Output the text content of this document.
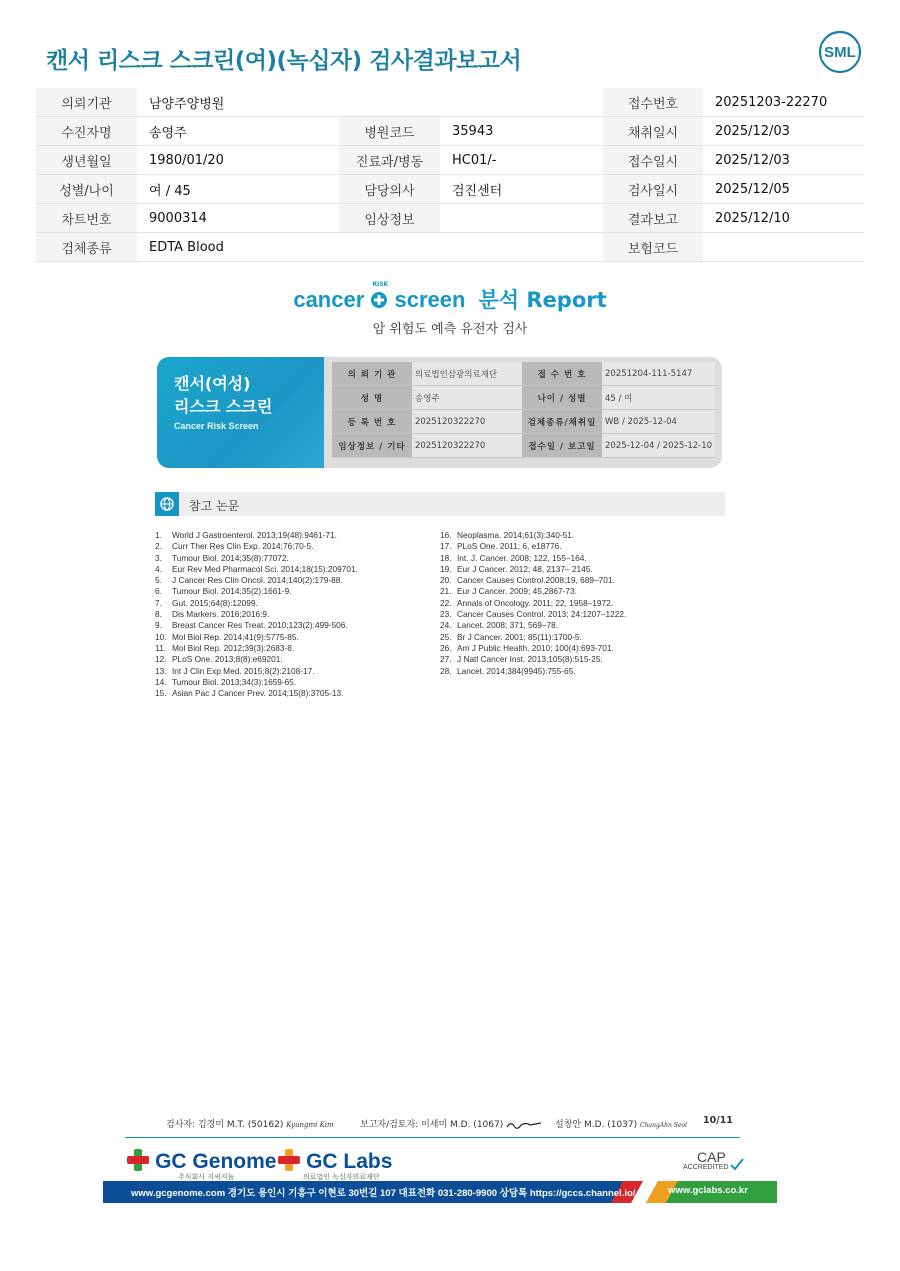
캔서 리스크 스크린(여)(녹십자) 검사결과보고서	SML
의뢰기관	남양주양병원			접수번호	20251203-22270
수진자명	송영주	병원코드	35943	채취일시	2025/12/03
생년월일	1980/01/20	진료과/병동	HC01/-	접수일시	2025/12/03
성별/나이	여 / 45	담당의사	검진센터	검사일시	2025/12/05
차트번호	9000314	임상정보		결과보고	2025/12/10
검체종류	EDTA Blood			보험코드	
cancer
RISK
screen 분석 Report
암 위험도 예측 유전자 검사
캔서(여성)
리스크 스크린
Cancer Risk Screen
의 뢰 기 관	의료법인삼광의료재단	접 수 번 호	20251204-111-5147
성 명	송영주	나이 / 성별	45 / 여
등 록 번 호	2025120322270	검체종류/채취일	WB / 2025-12-04
임상정보 / 기타	2025120322270	접수일 / 보고일	2025-12-04 / 2025-12-10
참고 논문
1. World J Gastroenterol. 2013;19(48):9461-71.
2. Curr Ther Res Clin Exp. 2014;76:70-5.
3. Tumour Biol. 2014;35(8):77072.
4. Eur Rev Med Pharmacol Sci. 2014;18(15):209701.
5. J Cancer Res Clin Oncol. 2014;140(2):179-88.
6. Tumour Biol. 2014;35(2):1661-9.
7. Gut. 2015;64(8):12099.
8. Dis Markers. 2016;2016:9.
9. Breast Cancer Res Treat. 2010;123(2):499-506.
10. Mol Biol Rep. 2014;41(9):5775-85.
11. Mol Biol Rep. 2012;39(3):2683-8.
12. PLoS One. 2013;8(8):e69201.
13. Int J Clin Exp Med. 2015;8(2):2108-17.
14. Tumour Biol. 2013;34(3):1659-65.
15. Asian Pac J Cancer Prev. 2014;15(8):3705-13.
16. Neoplasma. 2014;61(3):340-51.
17. PLoS One. 2011; 6, e18776.
18. Int. J. Cancer. 2008; 122, 155–164.
19. Eur J Cancer. 2012; 48, 2137– 2145.
20. Cancer Causes Control.2008;19, 689–701.
21. Eur J Cancer. 2009; 45,2867-73.
22. Annals of Oncology. 2011; 22, 1958–1972.
23. Cancer Causes Control. 2013; 24:1207–1222.
24. Lancet. 2008; 371, 569–78.
25. Br J Cancer. 2001; 85(11):1700-5.
26. Am J Public Health. 2010; 100(4):693-701.
27. J Natl Cancer Inst. 2013;105(8):515-25.
28. Lancet. 2014;384(9945):755-65.
검사자: 김경미 M.T. (50162) Kyungmi Kim	보고자/검토자: 이세미 M.D. (1067)	설창안 M.D. (1037) ChangAhn Seol 10/11
GC Genome
주식회사 지씨지놈
GC Labs
의료법인 녹십자의료재단
CAP
ACCREDITED
www.gcgenome.com 경기도 용인시 기흥구 이현로 30번길 107 대표전화 031-280-9900 상담톡 https://gccs.channel.io/	www.gclabs.co.kr
